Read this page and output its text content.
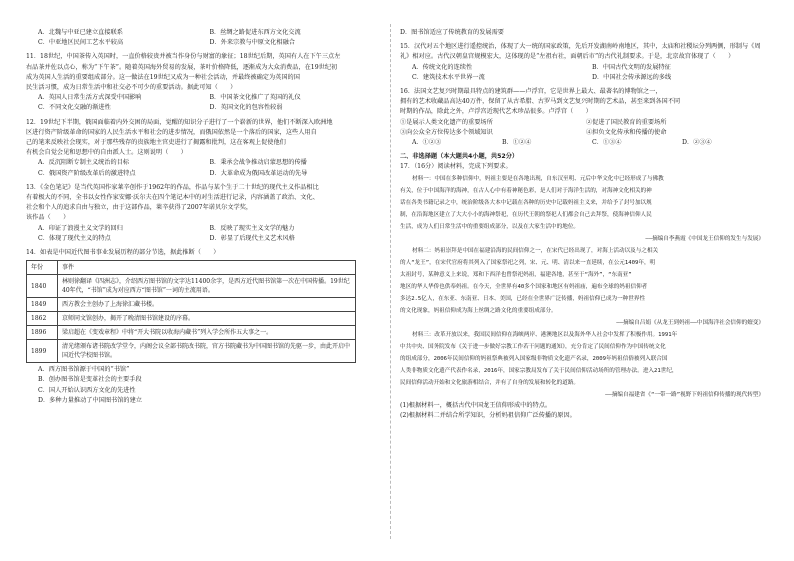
A．北魏与中亚已建立直接联系	B．丝绸之路促进东西方文化交流
C．中亚地区民间工艺水平较高	D．外来宗教与中原文化相融合
11．18世纪，中国茶传入英国时，一直价格较贵并被当作身份与财富的象征；18世纪后期，英国有人在下午三点左
右品茶并佐以点心，称为“下午茶”。随着英国海外贸易的发展，茶叶价格降低，逐渐成为大众消费品，在19世纪初
成为英国人生活的重要组成部分。这一做法在19世纪又成为一种社会活动，并最终被确定为英国的国
民生活习惯，成为日常生活中和社交必不可少的重要活动。据此可知（　　）
A．英国人日常生活方式深受中国影响	B．中国茶文化推广了英国的礼仪
C．不同文化交融的渐进性	D．英国文化的包容性较弱
12．19世纪下半期，俄国面临着内外交困的局面，觉醒的知识分子进行了一个崭新的世界，他们不断深入欧洲地
区进行资产阶级革命的国家的人民生活水平和社会的进步情况，而俄国依然是一个落后的国家，这些人用自
己的笔来反映社会现实，对于那些残存的贵族地主官吏进行了揭露和批判，这在客观上促使他们
有机会自觉会见和思想中的自由派人士。这则说明（　　）
A．反沉阻断专制主义统治的目标	B．秉承会战争推动启蒙思想的传播
C．俄国资产阶级改革后的激进特点	D．大革命成为俄国改革运动的先导
13．《金色笔记》是当代英国作家莱辛创作于1962年的作品，作品与某个生于二十世纪的现代主义作品相比
有着极大的不同，全书以女性作家安娜·沃尔夫在四个笔记本中的对生活进行记录，内容涵盖了政治、文化、
社会和个人的追求自由与独立，由于这部作品，莱辛获得了2007年诺贝尔文学奖，
该作品（　　）
A．印证了浪漫主义文学的回归	B．反映了现实主义文学的魅力
C．体现了现代主义的特点	D．彰显了后现代主义艺术风格
14．如表是中国近代图书事业发展历程的部分节选，据此推断（　　）
年份	事件
1840	林则徐翻译《四洲志》，介绍西方图书馆的文字达11400余字，是西方近代图书馆第一次在中国传播。19世纪40年代，“书馆”成为对应西方“图书馆”一词的主流用语。
1849	西方教会主创办了上海徐汇藏书楼。
1862	京师同文馆创办，揭开了晚清图书馆建设的序幕。
1896	梁启超在《变戏章程》中将“开大书院以收海内藏书”列入学会所作五大事之一。
1899	清光绪颁布诸书院改学堂令，内阁会议全部书院改书院，官方书院藏书为中国图书馆的先驱一步，由此开启中国近代学校图书馆。
A．西方图书馆源于中国的“书馆”
B．创办图书馆是变革社会的主要手段
C．国人开始认识西方文化的先进性
D．多种力量推动了中国图书馆的建立
D．图书馆适应了传统教育的发展需要
15．汉代对五个地区进行遥控统治，体现了大一统的国家政策，先后开发湖南岭南地区，其中，太庙和社稷坛分列两侧，形制与《周
礼》相对应。古代汉朝皇宫规模宏大，这体现的是“左祖右社，面朝后市”的古代礼制要求。于是，北京故宫体现了（　　）
A．传统文化的连续性	B．中国古代文明的发展特征
C．建筑技术水平世界一流	D．中国社会传承源远的多线
16．法国文艺复兴时期最具特点的建筑群——卢浮宫，它是世界上最大、最著名的博物馆之一，
拥有的艺术收藏品高达40万件，保留了从古希腊、古罗马到文艺复兴时期的艺术品，甚至来到各国不同
时期的作品，除此之外，卢浮宫近现代艺术珍品很多。卢浮宫（　　）
①是展示人类文化遗产的重要场所	②促进了国民教育的重要场所
③向公众全方位传达多个领域知识	④担负文化传承和传播的使命
A．①②③	B．①②④	C．①③④	D．②③④
二、非选择题（本大题共4小题，共52分）
17．（16分）阅读材料，完成下列要求。
材料一：中国在多种信仰中，妈祖主要是在各地出现，自东汉至明、元后中华文化中已经形成了与佛教
有关，位于中国海洋的海神，在古人心中有着神秘色彩，是人们对于海洋生活的，对海神文化相关的神
话在各类书籍记录之中，统治阶级各大本中记载在各种的历史中记载妈祖主义来，并给予了封号加以规
制，在沿海地区建立了大大小小的海神祭祀，在历代王朝的祭祀人们都会自己去拜祭，使海神信仰人民
生活，成为人们日常生活中的重要组成部分，以及在大家生活中的地位。
——摘编自李燕霞《中国龙王信仰的发生与发展》
材料二：妈祖崇拜是中国在福建沿海的民间信仰之一，在宋代已经出现了，对海上活动以及与之相关
的人“龙王”，在宋代官府将其列入了国家祭祀之列，宋、元、明、清以来一直延续，在公元1409年，明
太祖封号，某种意义上来说，郑和下西洋也曾祭祀妈祖，福建各地，甚至于“海外”，“东南亚”
地区的华人华侨也供奉妈祖。在今天，全世界有40多个国家和地区有妈祖庙，遍布全球的妈祖信仰者
多达2.5亿人，在东亚、东南亚、日本、美国，已经在全世界广泛传播，妈祖信仰已成为一种世界性
的文化现象，妈祖信仰成为海上丝绸之路文化的重要组成部分。
——摘编自吕娟《从龙王到妈祖——中国海洋社会信仰的嬗变》
材料三：改革开放以来，我国民间信仰在海峡两岸、港澳地区以及海外华人社会中发挥了积极作用。1991年
中共中央、国务院发布《关于进一步做好宗教工作若干问题的通知》，充分肯定了民间信仰作为中国传统文化
的组成部分，2006年民间信仰的妈祖祭典被列入国家级非物质文化遗产名录，2009年妈祖信俗被列入联合国
人类非物质文化遗产代表作名录，2016年，国家宗教局发布了关于民间信仰活动场所的管理办法。进入21世纪，
民间信仰活动开始和文化旅游相结合，并有了自身的发展和转化的道路。
——摘编自福建省《“一带一路”视野下妈祖信仰传播的现代转型》
(1)根据材料一，概括古代中国龙王信仰形成中的特点。
(2)根据材料二并结合所学知识，分析妈祖信仰广泛传播的原因。
